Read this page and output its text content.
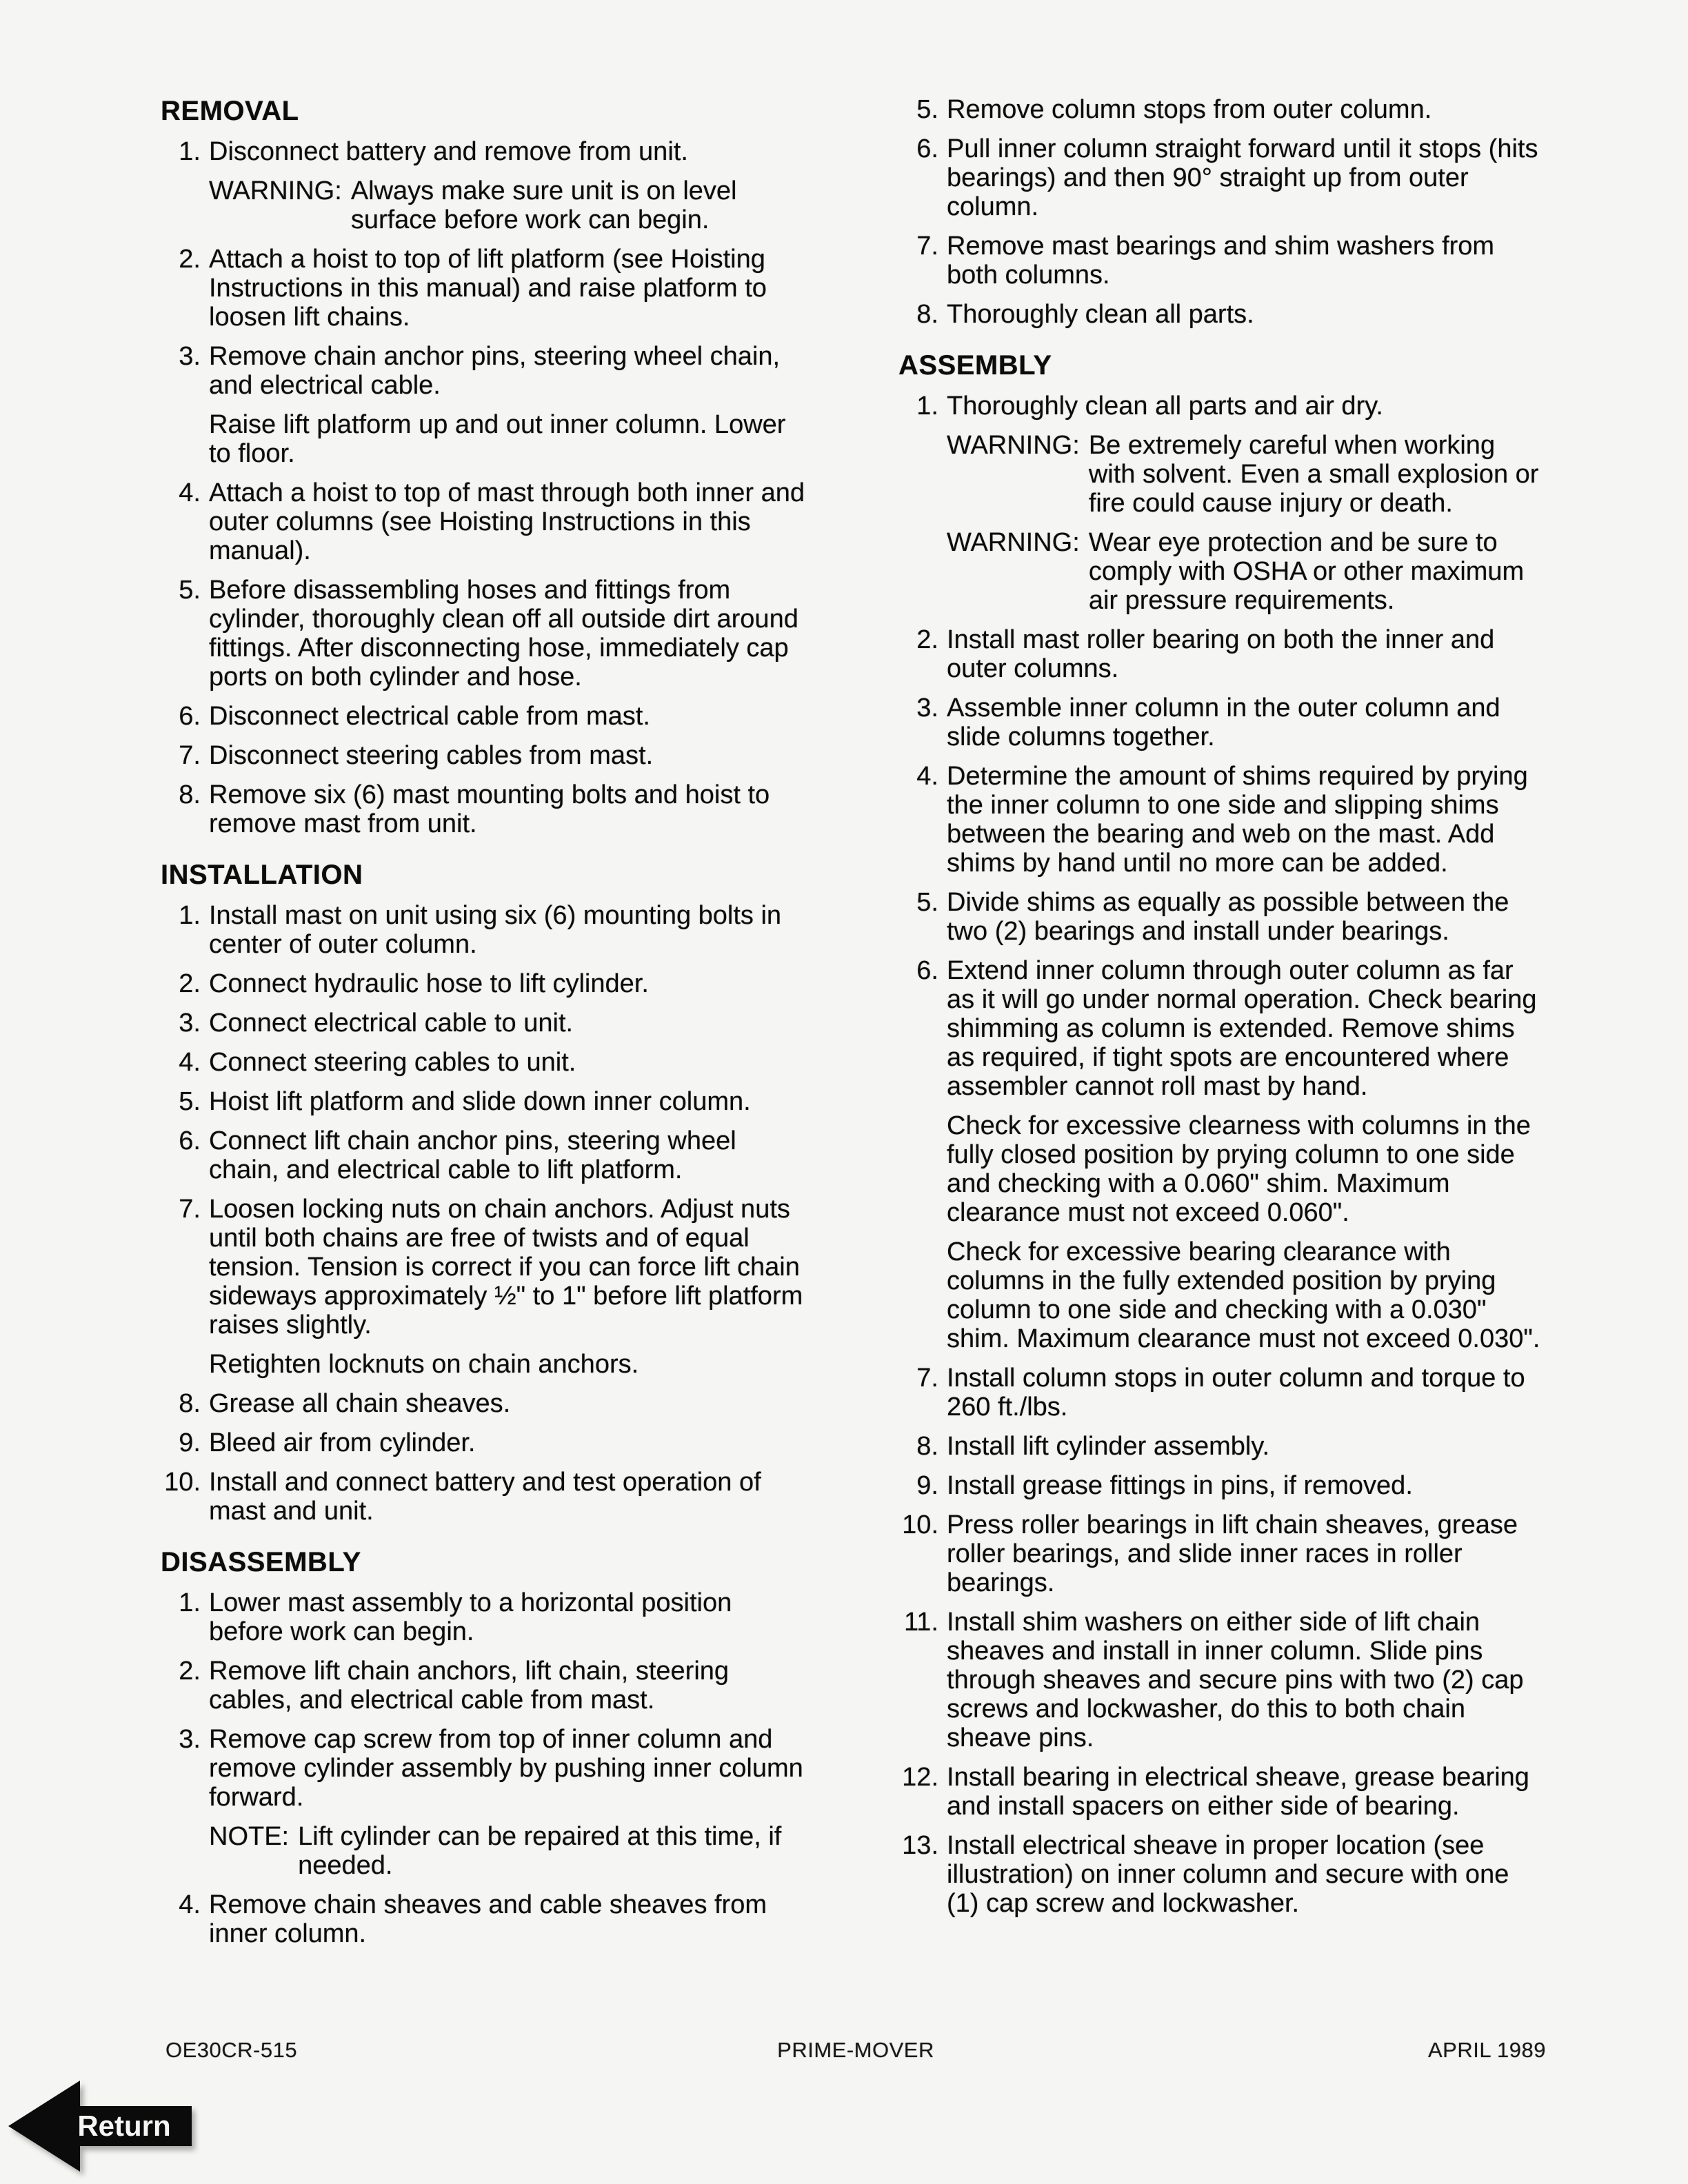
REMOVAL
1. Disconnect battery and remove from unit.
WARNING: Always make sure unit is on level surface before work can begin.
2. Attach a hoist to top of lift platform (see Hoisting Instructions in this manual) and raise platform to loosen lift chains.
3. Remove chain anchor pins, steering wheel chain, and electrical cable.
Raise lift platform up and out inner column. Lower to floor.
4. Attach a hoist to top of mast through both inner and outer columns (see Hoisting Instructions in this manual).
5. Before disassembling hoses and fittings from cylinder, thoroughly clean off all outside dirt around fittings. After disconnecting hose, immediately cap ports on both cylinder and hose.
6. Disconnect electrical cable from mast.
7. Disconnect steering cables from mast.
8. Remove six (6) mast mounting bolts and hoist to remove mast from unit.
INSTALLATION
1. Install mast on unit using six (6) mounting bolts in center of outer column.
2. Connect hydraulic hose to lift cylinder.
3. Connect electrical cable to unit.
4. Connect steering cables to unit.
5. Hoist lift platform and slide down inner column.
6. Connect lift chain anchor pins, steering wheel chain, and electrical cable to lift platform.
7. Loosen locking nuts on chain anchors. Adjust nuts until both chains are free of twists and of equal tension. Tension is correct if you can force lift chain sideways approximately ½" to 1" before lift platform raises slightly.
Retighten locknuts on chain anchors.
8. Grease all chain sheaves.
9. Bleed air from cylinder.
10. Install and connect battery and test operation of mast and unit.
DISASSEMBLY
1. Lower mast assembly to a horizontal position before work can begin.
2. Remove lift chain anchors, lift chain, steering cables, and electrical cable from mast.
3. Remove cap screw from top of inner column and remove cylinder assembly by pushing inner column forward.
NOTE: Lift cylinder can be repaired at this time, if needed.
4. Remove chain sheaves and cable sheaves from inner column.
5. Remove column stops from outer column.
6. Pull inner column straight forward until it stops (hits bearings) and then 90° straight up from outer column.
7. Remove mast bearings and shim washers from both columns.
8. Thoroughly clean all parts.
ASSEMBLY
1. Thoroughly clean all parts and air dry.
WARNING: Be extremely careful when working with solvent. Even a small explosion or fire could cause injury or death.
WARNING: Wear eye protection and be sure to comply with OSHA or other maximum air pressure requirements.
2. Install mast roller bearing on both the inner and outer columns.
3. Assemble inner column in the outer column and slide columns together.
4. Determine the amount of shims required by prying the inner column to one side and slipping shims between the bearing and web on the mast. Add shims by hand until no more can be added.
5. Divide shims as equally as possible between the two (2) bearings and install under bearings.
6. Extend inner column through outer column as far as it will go under normal operation. Check bearing shimming as column is extended. Remove shims as required, if tight spots are encountered where assembler cannot roll mast by hand.
Check for excessive clearness with columns in the fully closed position by prying column to one side and checking with a 0.060" shim. Maximum clearance must not exceed 0.060".
Check for excessive bearing clearance with columns in the fully extended position by prying column to one side and checking with a 0.030" shim. Maximum clearance must not exceed 0.030".
7. Install column stops in outer column and torque to 260 ft./lbs.
8. Install lift cylinder assembly.
9. Install grease fittings in pins, if removed.
10. Press roller bearings in lift chain sheaves, grease roller bearings, and slide inner races in roller bearings.
11. Install shim washers on either side of lift chain sheaves and install in inner column. Slide pins through sheaves and secure pins with two (2) cap screws and lockwasher, do this to both chain sheave pins.
12. Install bearing in electrical sheave, grease bearing and install spacers on either side of bearing.
13. Install electrical sheave in proper location (see illustration) on inner column and secure with one (1) cap screw and lockwasher.
OE30CR-515	PRIME-MOVER	APRIL 1989
Return
